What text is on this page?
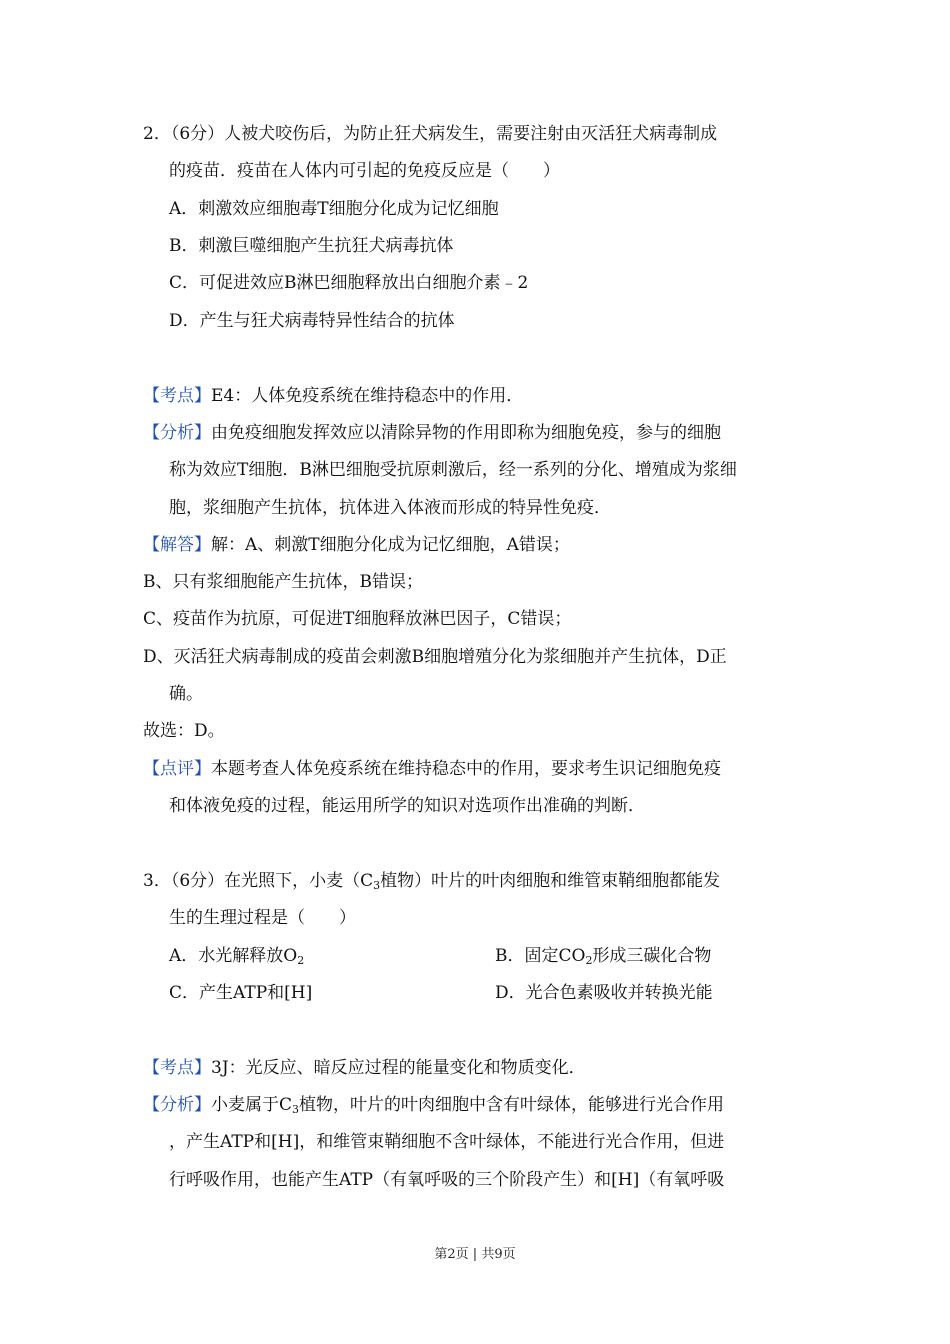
2．（6分）人被犬咬伤后，为防止狂犬病发生，需要注射由灭活狂犬病毒制成
的疫苗．疫苗在人体内可引起的免疫反应是（　　）
A．刺激效应细胞毒T细胞分化成为记忆细胞
B．刺激巨噬细胞产生抗狂犬病毒抗体
C．可促进效应B淋巴细胞释放出白细胞介素﹣2
D．产生与狂犬病毒特异性结合的抗体
【考点】E4：人体免疫系统在维持稳态中的作用．
【分析】由免疫细胞发挥效应以清除异物的作用即称为细胞免疫，参与的细胞
称为效应T细胞．B淋巴细胞受抗原刺激后，经一系列的分化、增殖成为浆细
胞，浆细胞产生抗体，抗体进入体液而形成的特异性免疫．
【解答】解：A、刺激T细胞分化成为记忆细胞，A错误；
B、只有浆细胞能产生抗体，B错误；
C、疫苗作为抗原，可促进T细胞释放淋巴因子，C错误；
D、灭活狂犬病毒制成的疫苗会刺激B细胞增殖分化为浆细胞并产生抗体，D正
确。
故选：D。
【点评】本题考查人体免疫系统在维持稳态中的作用，要求考生识记细胞免疫
和体液免疫的过程，能运用所学的知识对选项作出准确的判断．
3．（6分）在光照下，小麦（$C_3$植物）叶片的叶肉细胞和维管束鞘细胞都能发
生的生理过程是（　　）
A．水光解释放$O_2$	B．固定$CO_2$形成三碳化合物
C．产生ATP和[H]	D．光合色素吸收并转换光能
【考点】3J：光反应、暗反应过程的能量变化和物质变化．
【分析】小麦属于$C_3$植物，叶片的叶肉细胞中含有叶绿体，能够进行光合作用
，产生ATP和[H]，和维管束鞘细胞不含叶绿体，不能进行光合作用，但进
行呼吸作用，也能产生ATP（有氧呼吸的三个阶段产生）和[H]（有氧呼吸
第2页 | 共9页
